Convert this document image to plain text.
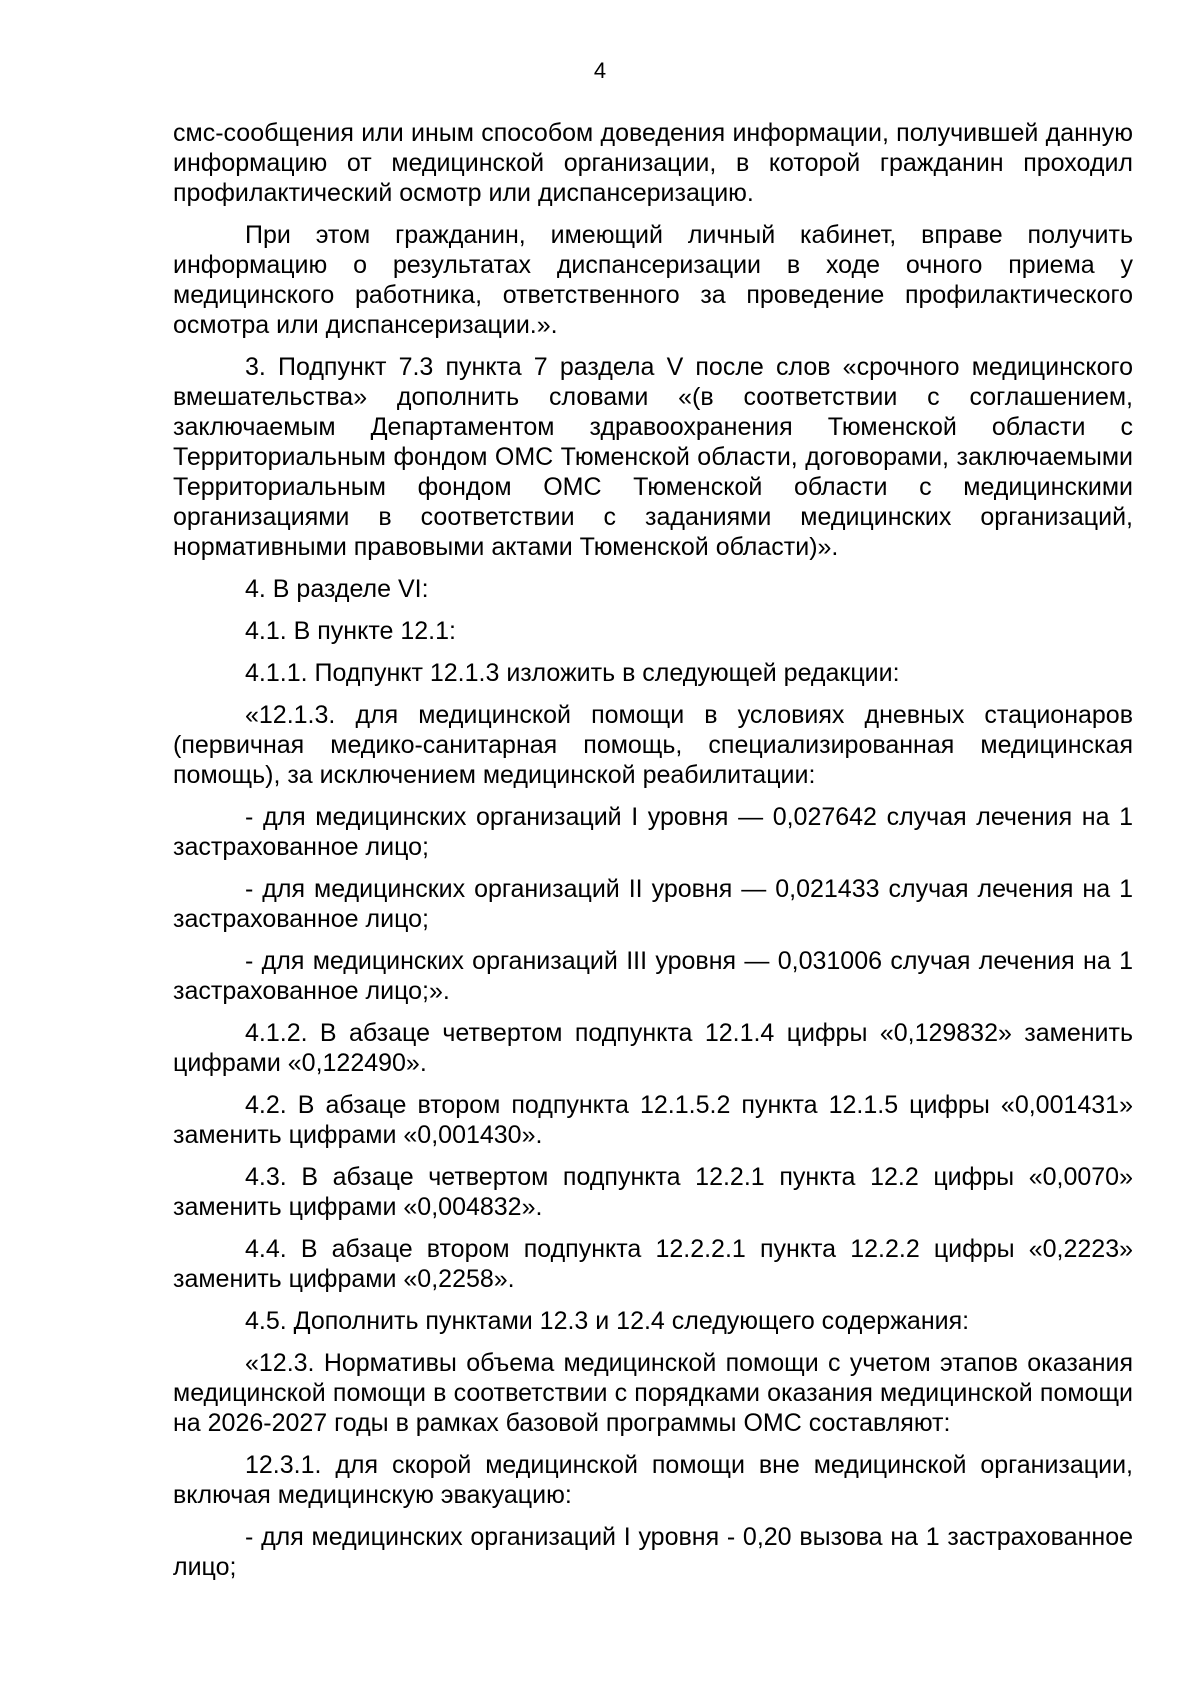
4

смс-сообщения или иным способом доведения информации, получившей данную информацию от медицинской организации, в которой гражданин проходил профилактический осмотр или диспансеризацию.

При этом гражданин, имеющий личный кабинет, вправе получить информацию о результатах диспансеризации в ходе очного приема у медицинского работника, ответственного за проведение профилактического осмотра или диспансеризации.».

3. Подпункт 7.3 пункта 7 раздела V после слов «срочного медицинского вмешательства» дополнить словами «(в соответствии с соглашением, заключаемым Департаментом здравоохранения Тюменской области с Территориальным фондом ОМС Тюменской области, договорами, заключаемыми Территориальным фондом ОМС Тюменской области с медицинскими организациями в соответствии с заданиями медицинских организаций, нормативными правовыми актами Тюменской области)».

4. В разделе VI:

4.1. В пункте 12.1:

4.1.1. Подпункт 12.1.3 изложить в следующей редакции:

«12.1.3. для медицинской помощи в условиях дневных стационаров (первичная медико-санитарная помощь, специализированная медицинская помощь), за исключением медицинской реабилитации:

- для медицинских организаций I уровня — 0,027642 случая лечения на 1 застрахованное лицо;

- для медицинских организаций II уровня — 0,021433 случая лечения на 1 застрахованное лицо;

- для медицинских организаций III уровня — 0,031006 случая лечения на 1 застрахованное лицо;».

4.1.2. В абзаце четвертом подпункта 12.1.4 цифры «0,129832» заменить цифрами «0,122490».

4.2. В абзаце втором подпункта 12.1.5.2 пункта 12.1.5 цифры «0,001431» заменить цифрами «0,001430».

4.3. В абзаце четвертом подпункта 12.2.1 пункта 12.2 цифры «0,0070» заменить цифрами «0,004832».

4.4. В абзаце втором подпункта 12.2.2.1 пункта 12.2.2 цифры «0,2223» заменить цифрами «0,2258».

4.5. Дополнить пунктами 12.3 и 12.4 следующего содержания:

«12.3. Нормативы объема медицинской помощи с учетом этапов оказания медицинской помощи в соответствии с порядками оказания медицинской помощи на 2026-2027 годы в рамках базовой программы ОМС составляют:

12.3.1. для скорой медицинской помощи вне медицинской организации, включая медицинскую эвакуацию:

- для медицинских организаций I уровня - 0,20 вызова на 1 застрахованное лицо;
